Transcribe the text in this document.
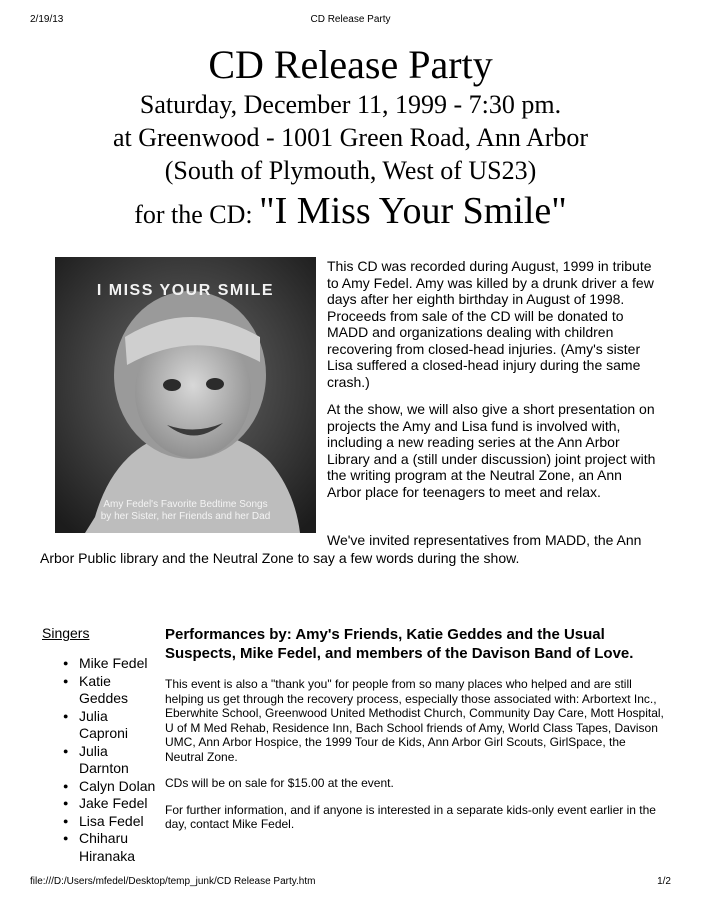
2/19/13	CD Release Party
CD Release Party
Saturday, December 11, 1999 - 7:30 pm.
at Greenwood - 1001 Green Road, Ann Arbor
(South of Plymouth, West of US23)
for the CD: "I Miss Your Smile"
I MISS YOUR SMILE
Amy Fedel's Favorite Bedtime Songs
by her Sister, her Friends and her Dad

This CD was recorded during August, 1999 in tribute to Amy Fedel. Amy was killed by a drunk driver a few days after her eighth birthday in August of 1998. Proceeds from sale of the CD will be donated to MADD and organizations dealing with children recovering from closed-head injuries. (Amy's sister Lisa suffered a closed-head injury during the same crash.)

At the show, we will also give a short presentation on projects the Amy and Lisa fund is involved with, including a new reading series at the Ann Arbor Library and a (still under discussion) joint project with the writing program at the Neutral Zone, an Ann Arbor place for teenagers to meet and relax.

We've invited representatives from MADD, the Ann Arbor Public library and the Neutral Zone to say a few words during the show.
Singers
● Mike Fedel
● Katie Geddes
● Julia Caproni
● Julia Darnton
● Calyn Dolan
● Jake Fedel
● Lisa Fedel
● Chiharu Hiranaka
Performances by: Amy's Friends, Katie Geddes and the Usual Suspects, Mike Fedel, and members of the Davison Band of Love.

This event is also a "thank you" for people from so many places who helped and are still helping us get through the recovery process, especially those associated with: Arbortext Inc., Eberwhite School, Greenwood United Methodist Church, Community Day Care, Mott Hospital, U of M Med Rehab, Residence Inn, Bach School friends of Amy, World Class Tapes, Davison UMC, Ann Arbor Hospice, the 1999 Tour de Kids, Ann Arbor Girl Scouts, GirlSpace, the Neutral Zone.

CDs will be on sale for $15.00 at the event.

For further information, and if anyone is interested in a separate kids-only event earlier in the day, contact Mike Fedel.

file:///D:/Users/mfedel/Desktop/temp_junk/CD Release Party.htm	1/2
